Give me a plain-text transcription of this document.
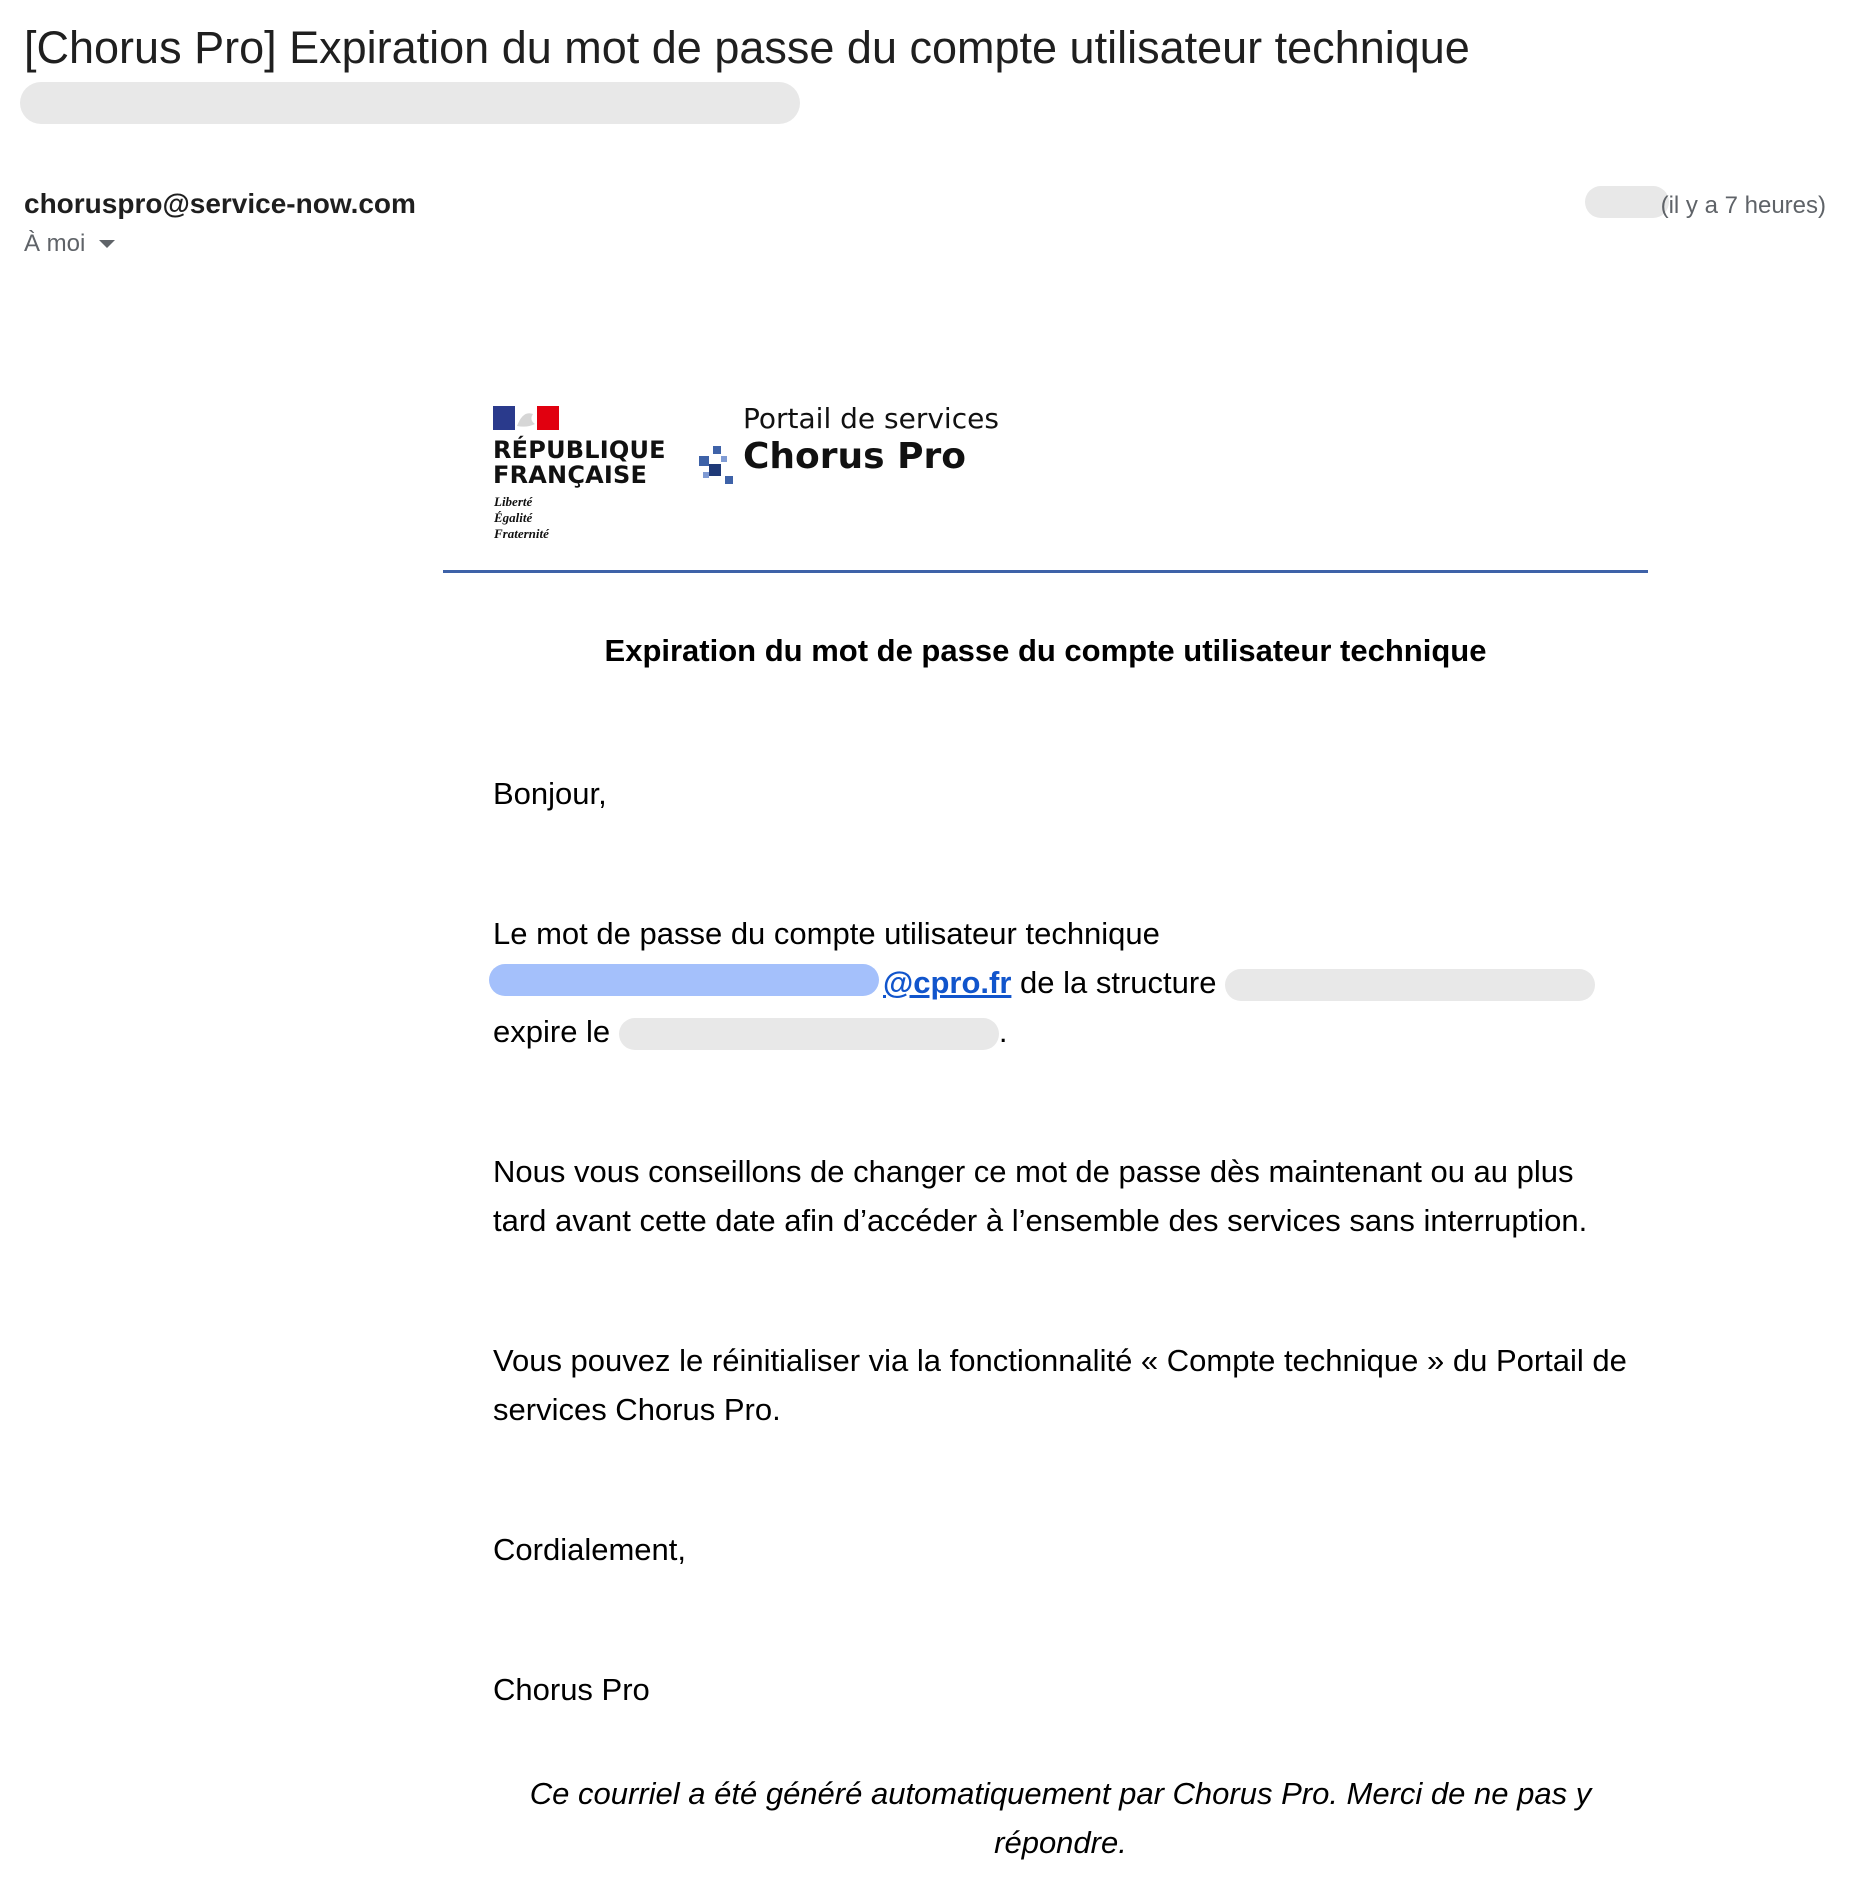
[Chorus Pro] Expiration du mot de passe du compte utilisateur technique
choruspro@service-now.com
À moi
(il y a 7 heures)
RÉPUBLIQUE
FRANÇAISE
Liberté
Égalité
Fraternité
Portail de services
Chorus Pro
Expiration du mot de passe du compte utilisateur technique

Bonjour,

Le mot de passe du compte utilisateur technique

@cpro.fr de la structure
expire le	.

Nous vous conseillons de changer ce mot de passe dès maintenant ou au plus tard avant cette date afin d’accéder à l’ensemble des services sans interruption.

Vous pouvez le réinitialiser via la fonctionnalité « Compte technique » du Portail de services Chorus Pro.

Cordialement,

Chorus Pro

Ce courriel a été généré automatiquement par Chorus Pro. Merci de ne pas y répondre.
